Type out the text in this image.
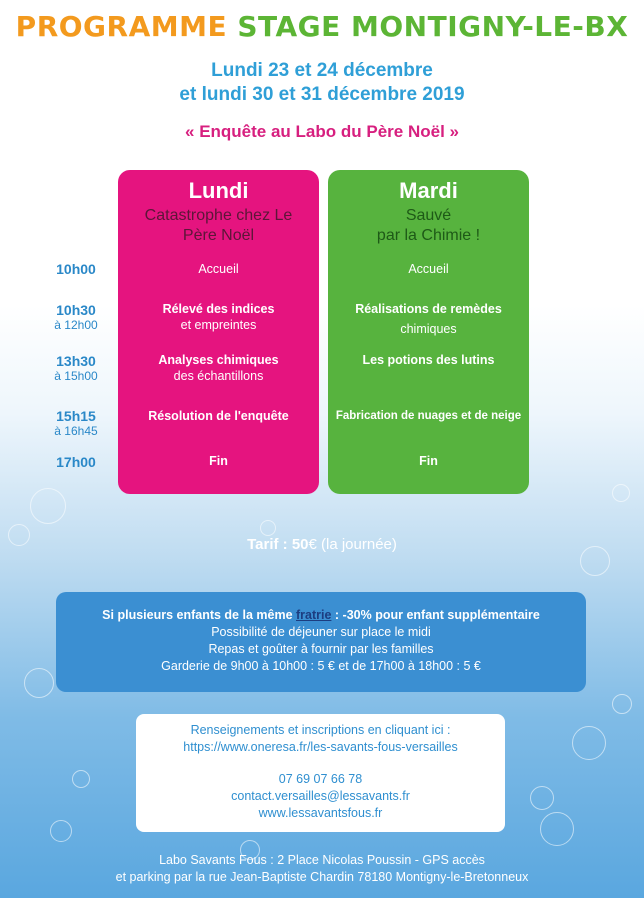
PROGRAMME STAGE MONTIGNY-LE-BX
Lundi 23 et 24 décembre
et lundi 30 et 31 décembre 2019
« Enquête au Labo du Père Noël »
10h00
10h30
à 12h00
13h30
à 15h00
15h15
à 16h45
17h00
Lundi
Catastrophe chez Le
Père Noël
Accueil
Rélevé des indices
et empreintes
Analyses chimiques
des échantillons
Résolution de l'enquête
Fin
Mardi
Sauvé
par la Chimie !
Accueil
Réalisations de remèdes
chimiques
Les potions des lutins
Fabrication de nuages et de neige
Fin
Tarif : 50€ (la journée)
Si plusieurs enfants de la même fratrie : -30% pour enfant supplémentaire
Possibilité de déjeuner sur place le midi
Repas et goûter à fournir par les familles
Garderie de 9h00 à 10h00 : 5 € et de 17h00 à 18h00 : 5 €
Renseignements et inscriptions en cliquant ici :
https://www.oneresa.fr/les-savants-fous-versailles
07 69 07 66 78
contact.versailles@lessavants.fr
www.lessavantsfous.fr
Labo Savants Fous : 2 Place Nicolas Poussin - GPS accès
et parking par la rue Jean-Baptiste Chardin 78180 Montigny-le-Bretonneux
